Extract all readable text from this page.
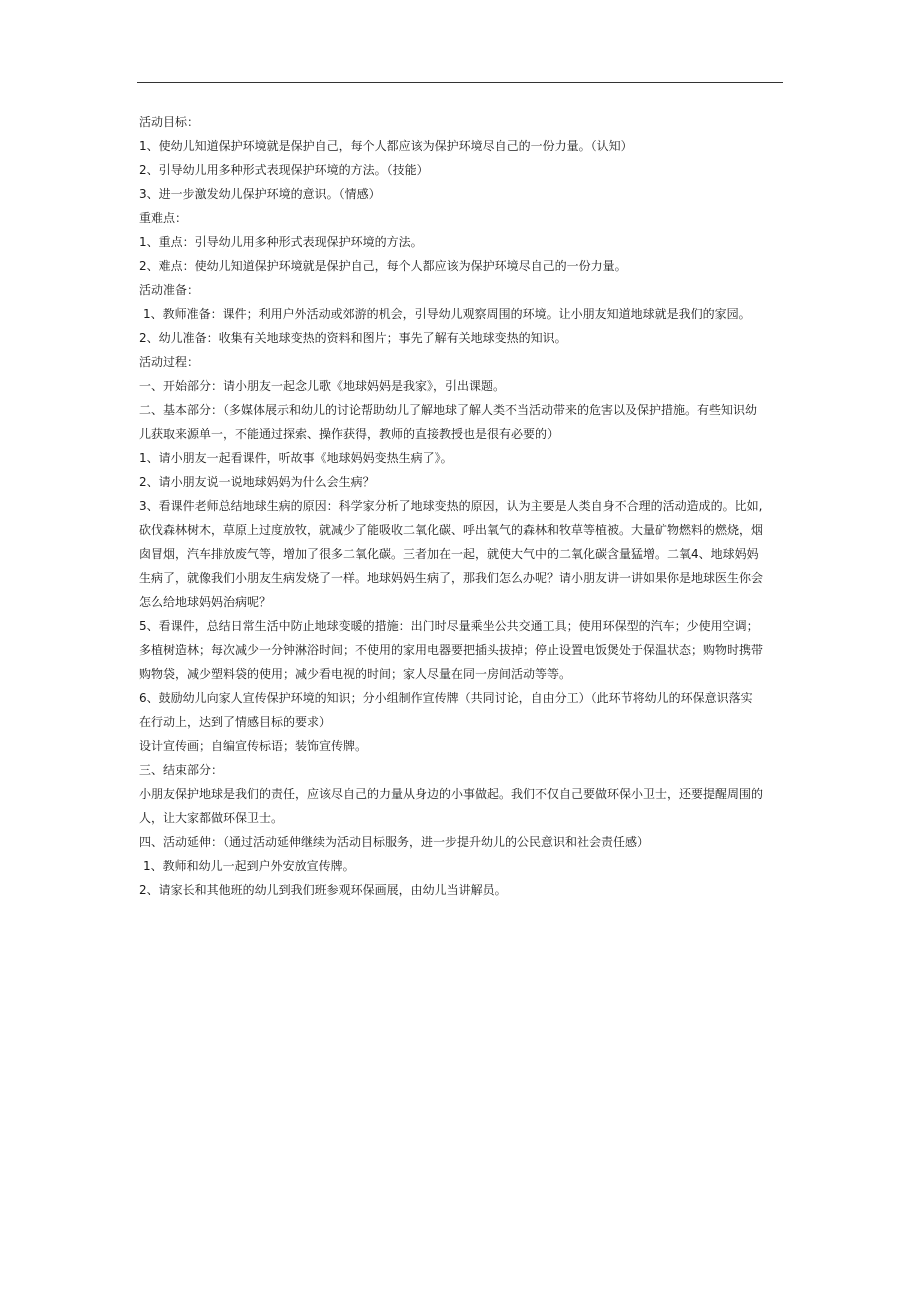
活动目标：
1、使幼儿知道保护环境就是保护自己，每个人都应该为保护环境尽自己的一份力量。（认知）
2、引导幼儿用多种形式表现保护环境的方法。（技能）
3、进一步激发幼儿保护环境的意识。（情感）
重难点：
1、重点：引导幼儿用多种形式表现保护环境的方法。
2、难点：使幼儿知道保护环境就是保护自己，每个人都应该为保护环境尽自己的一份力量。
活动准备：
1、教师准备：课件；利用户外活动或郊游的机会，引导幼儿观察周围的环境。让小朋友知道地球就是我们的家园。
2、幼儿准备：收集有关地球变热的资料和图片；事先了解有关地球变热的知识。
活动过程：
一、开始部分：请小朋友一起念儿歌《地球妈妈是我家》，引出课题。
二、基本部分：（多媒体展示和幼儿的讨论帮助幼儿了解地球了解人类不当活动带来的危害以及保护措施。有些知识幼
儿获取来源单一，不能通过探索、操作获得，教师的直接教授也是很有必要的）
1、请小朋友一起看课件，听故事《地球妈妈变热生病了》。
2、请小朋友说一说地球妈妈为什么会生病？
3、看课件老师总结地球生病的原因：科学家分析了地球变热的原因，认为主要是人类自身不合理的活动造成的。比如,
砍伐森林树木，草原上过度放牧，就减少了能吸收二氧化碳、呼出氧气的森林和牧草等植被。大量矿物燃料的燃烧，烟
囱冒烟，汽车排放废气等，增加了很多二氧化碳。三者加在一起，就使大气中的二氧化碳含量猛增。二氧4、地球妈妈
生病了，就像我们小朋友生病发烧了一样。地球妈妈生病了，那我们怎么办呢？请小朋友讲一讲如果你是地球医生你会
怎么给地球妈妈治病呢？
5、看课件，总结日常生活中防止地球变暖的措施：出门时尽量乘坐公共交通工具；使用环保型的汽车；少使用空调；
多植树造林；每次减少一分钟淋浴时间；不使用的家用电器要把插头拔掉；停止设置电饭煲处于保温状态；购物时携带
购物袋，减少塑料袋的使用；减少看电视的时间；家人尽量在同一房间活动等等。
6、鼓励幼儿向家人宣传保护环境的知识；分小组制作宣传牌（共同讨论，自由分工）（此环节将幼儿的环保意识落实
在行动上，达到了情感目标的要求）
设计宣传画；自编宣传标语；装饰宣传牌。
三、结束部分：
小朋友保护地球是我们的责任，应该尽自己的力量从身边的小事做起。我们不仅自己要做环保小卫士，还要提醒周围的
人，让大家都做环保卫士。
四、活动延伸：（通过活动延伸继续为活动目标服务，进一步提升幼儿的公民意识和社会责任感）
1、教师和幼儿一起到户外安放宣传牌。
2、请家长和其他班的幼儿到我们班参观环保画展，由幼儿当讲解员。
